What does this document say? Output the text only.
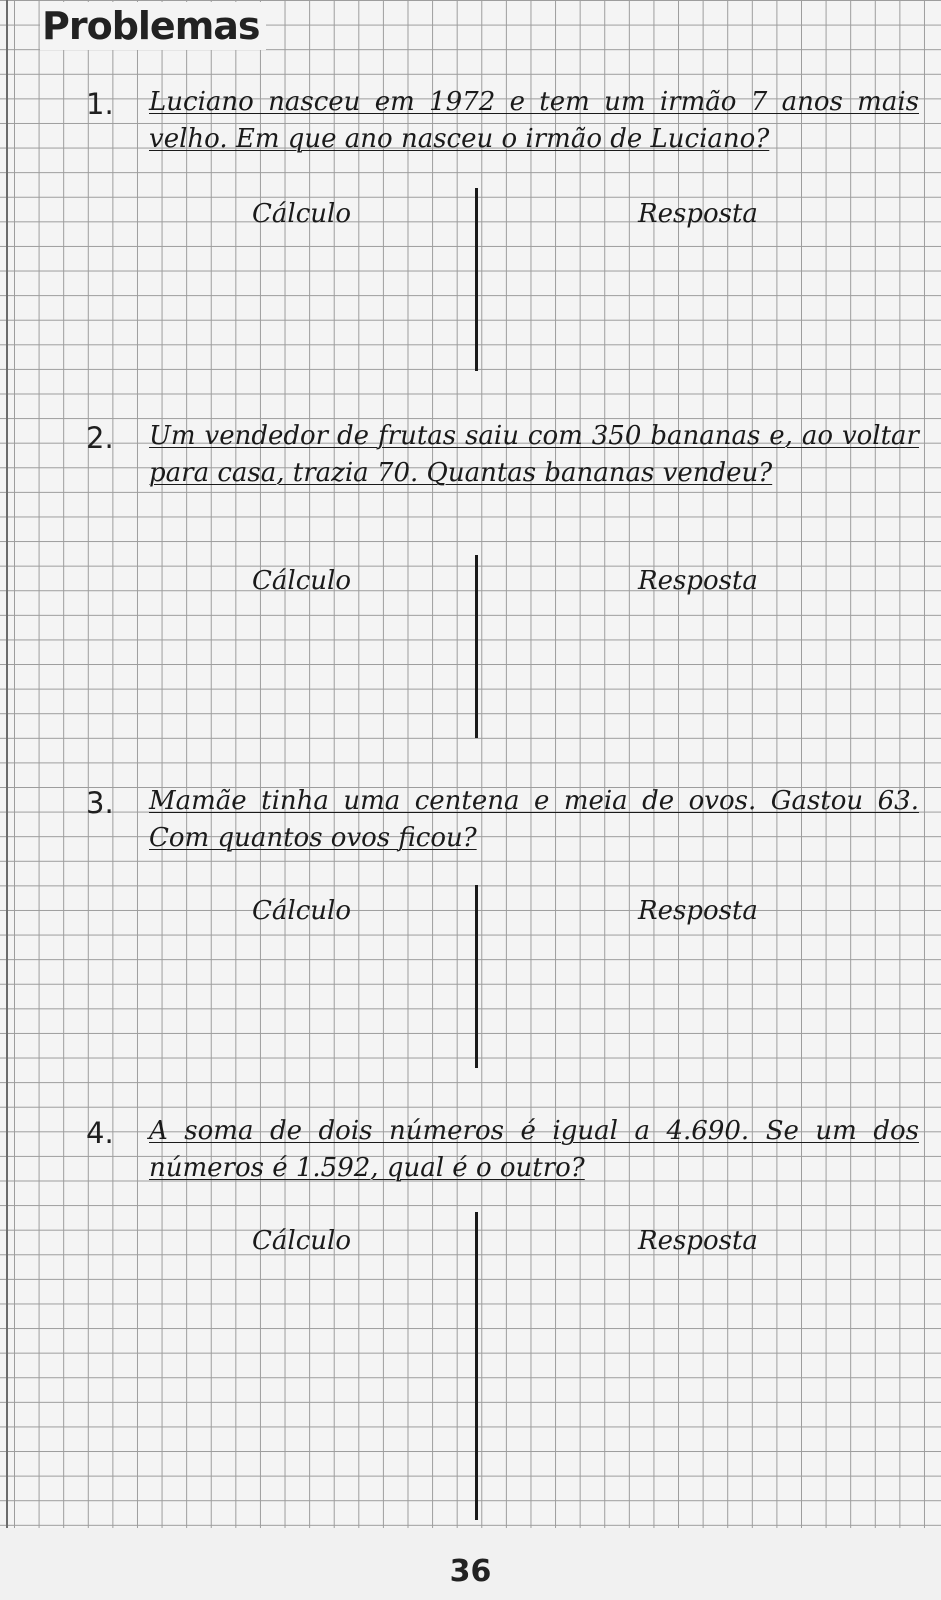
Problemas
1. Luciano nasceu em 1972 e tem um irmão 7 anos mais velho. Em que ano nasceu o irmão de Luciano?

Cálculo	Resposta
2. Um vendedor de frutas saiu com 350 bananas e, ao voltar para casa, trazia 70. Quantas bananas vendeu?

Cálculo	Resposta
3. Mamãe tinha uma centena e meia de ovos. Gastou 63. Com quantos ovos ficou?

Cálculo	Resposta
4. A soma de dois números é igual a 4.690. Se um dos números é 1.592, qual é o outro?

Cálculo	Resposta
36
